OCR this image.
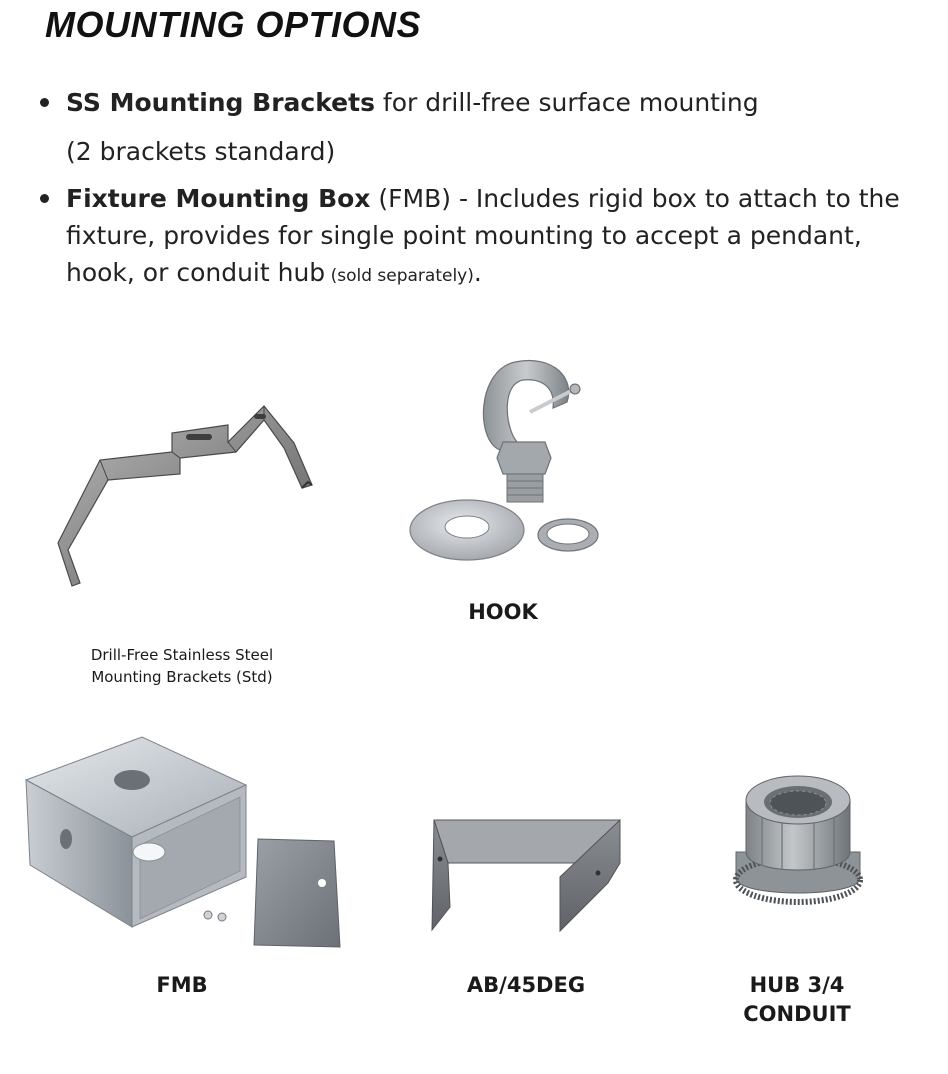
MOUNTING OPTIONS
SS Mounting Brackets for drill-free surface mounting
(2 brackets standard)
Fixture Mounting Box (FMB) - Includes rigid box to attach to the fixture, provides for single point mounting to accept a pendant, hook, or conduit hub (sold separately).
Drill-Free Stainless Steel
Mounting Brackets (Std)
HOOK
FMB	AB/45DEG	HUB 3/4
CONDUIT
